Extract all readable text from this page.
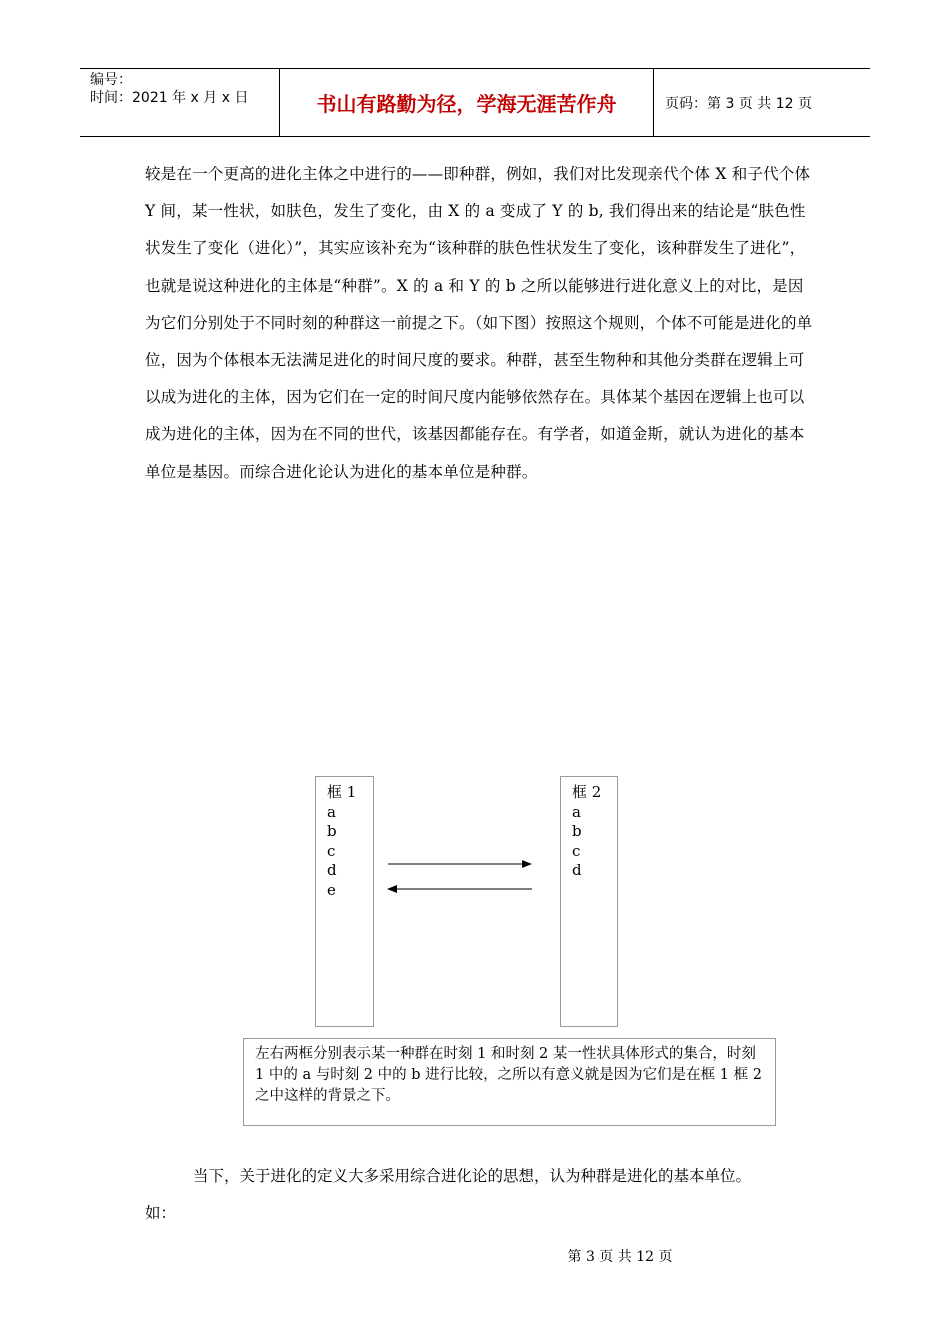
编号：
时间：2021 年 x 月 x 日	书山有路勤为径，学海无涯苦作舟	页码：第 3 页 共 12 页

较是在一个更高的进化主体之中进行的——即种群，例如，我们对比发现亲代个体 X 和子代个体 Y 间，某一性状，如肤色，发生了变化，由 X 的 a 变成了 Y 的 b, 我们得出来的结论是“肤色性状发生了变化（进化）”，其实应该补充为“该种群的肤色性状发生了变化，该种群发生了进化”，也就是说这种进化的主体是“种群”。X 的 a 和 Y 的 b 之所以能够进行进化意义上的对比，是因为它们分别处于不同时刻的种群这一前提之下。（如下图）按照这个规则，个体不可能是进化的单位，因为个体根本无法满足进化的时间尺度的要求。种群，甚至生物种和其他分类群在逻辑上可以成为进化的主体，因为它们在一定的时间尺度内能够依然存在。具体某个基因在逻辑上也可以成为进化的主体，因为在不同的世代，该基因都能存在。有学者，如道金斯，就认为进化的基本单位是基因。而综合进化论认为进化的基本单位是种群。

框 1
a
b
c
d
e
框 2
a
b
c
d
左右两框分别表示某一种群在时刻 1 和时刻 2 某一性状具体形式的集合，时刻 1 中的 a 与时刻 2 中的 b 进行比较，之所以有意义就是因为它们是在框 1 框 2 之中这样的背景之下。

当下，关于进化的定义大多采用综合进化论的思想，认为种群是进化的基本单位。

如：

第 3 页 共 12 页
